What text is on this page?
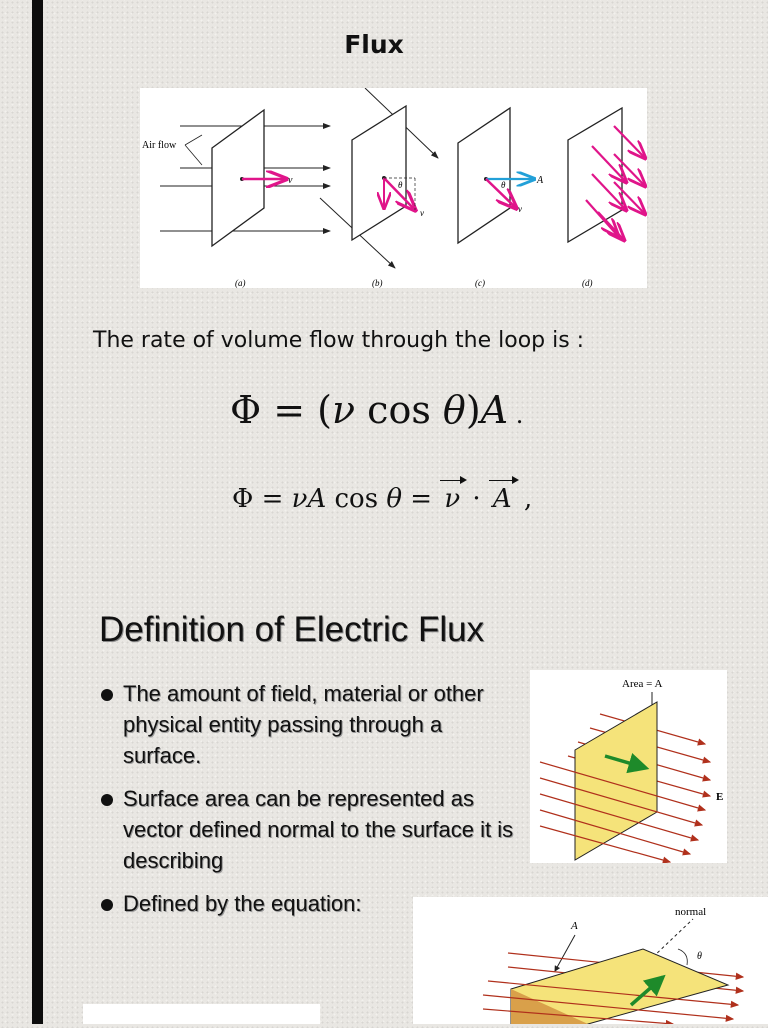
Flux
Air flow
v
(a)
θ
v
(b)
θ	A
v
(c)	(d)
The rate of volume flow through the loop is :
Φ = (ν cos θ)A .
Φ = νA cos θ = ν · A ,
Definition of Electric Flux
The amount of field, material or other physical entity passing through a surface.
Surface area can be represented as vector defined normal to the surface it is describing
Defined by the equation:
Area = A
E
normal
A
θ
